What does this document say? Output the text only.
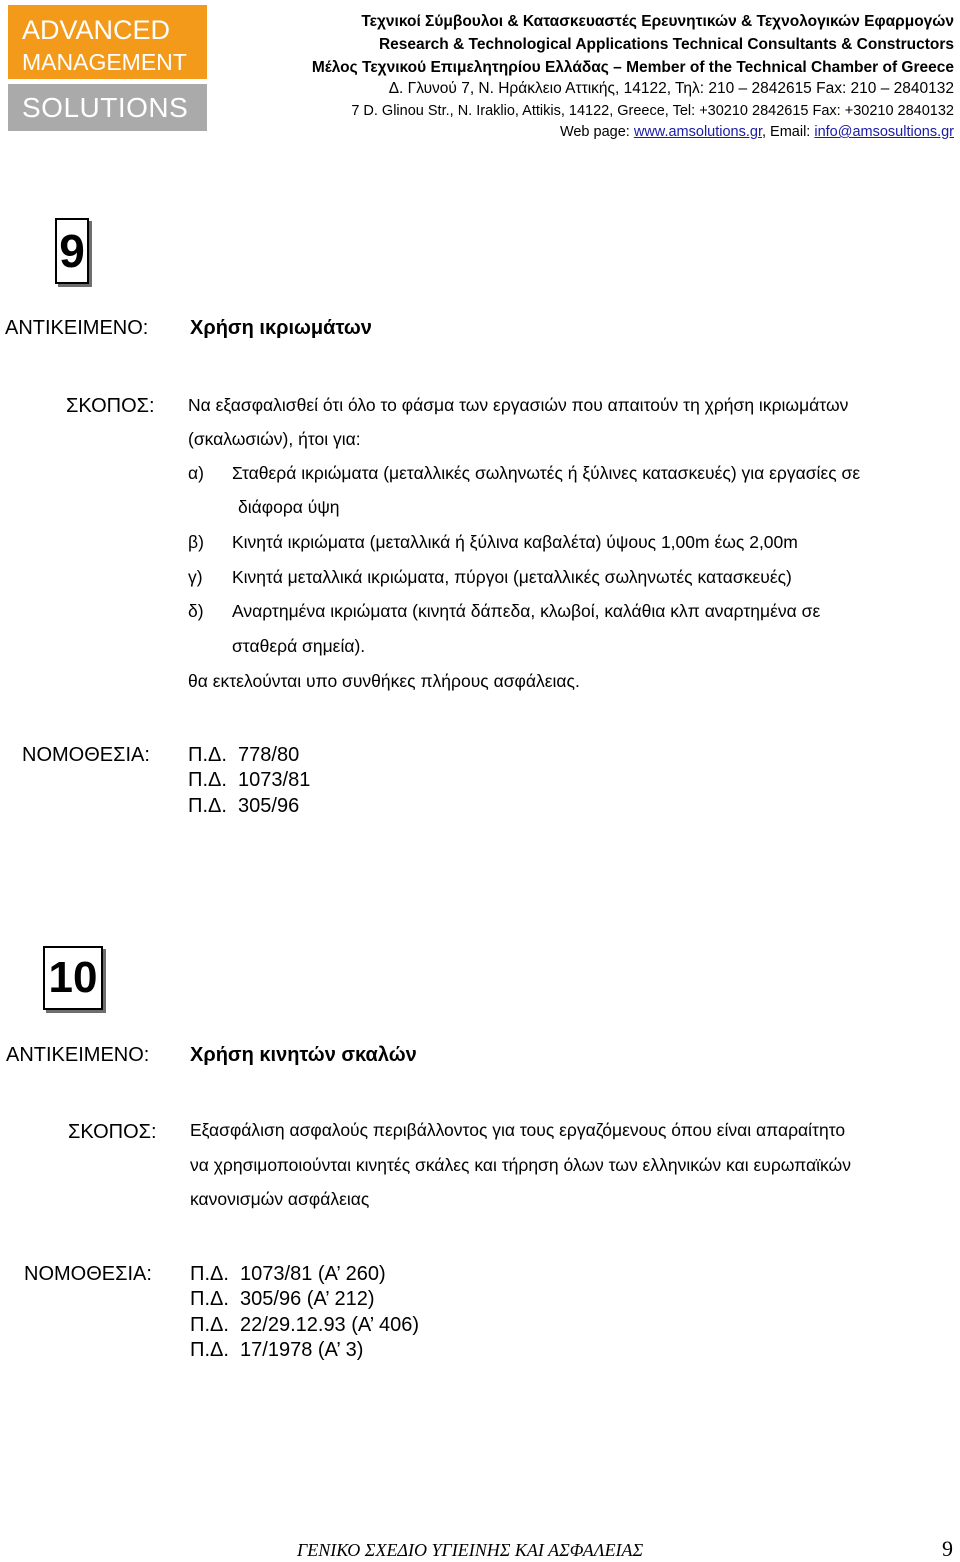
ADVANCED
MANAGEMENT
SOLUTIONS
Τεχνικοί Σύμβουλοι & Κατασκευαστές Ερευνητικών & Τεχνολογικών Εφαρμογών
Research & Technological Applications Technical Consultants & Constructors
Μέλος Τεχνικού Επιμελητηρίου Ελλάδας – Member of the Technical Chamber of Greece
Δ. Γλυνού 7, Ν. Ηράκλειο Αττικής, 14122, Τηλ: 210 – 2842615 Fax: 210 – 2840132
7 D. Glinou Str., N. Iraklio, Attikis, 14122, Greece, Tel: +30210 2842615 Fax: +30210 2840132
Web page: www.amsolutions.gr, Email: info@amsosultions.gr
9
ΑΝΤΙΚΕΙΜΕΝΟ: Χρήση ικριωμάτων
ΣΚΟΠΟΣ: Να εξασφαλισθεί ότι όλο το φάσμα των εργασιών που απαιτούν τη χρήση ικριωμάτων
(σκαλωσιών), ήτοι για:
α) Σταθερά ικριώματα (μεταλλικές σωληνωτές ή ξύλινες κατασκευές) για εργασίες σε
διάφορα ύψη
β) Κινητά ικριώματα (μεταλλικά ή ξύλινα καβαλέτα) ύψους 1,00m έως 2,00m
γ) Κινητά μεταλλικά ικριώματα, πύργοι (μεταλλικές σωληνωτές κατασκευές)
δ) Αναρτημένα ικριώματα (κινητά δάπεδα, κλωβοί, καλάθια κλπ αναρτημένα σε
σταθερά σημεία).
θα εκτελούνται υπο συνθήκες πλήρους ασφάλειας.
ΝΟΜΟΘΕΣΙΑ: Π.Δ.  778/80
Π.Δ.  1073/81
Π.Δ.  305/96
10
ΑΝΤΙΚΕΙΜΕΝΟ: Χρήση κινητών σκαλών
ΣΚΟΠΟΣ: Εξασφάλιση ασφαλούς περιβάλλοντος για τους εργαζόμενους όπου είναι απαραίτητο
να χρησιμοποιούνται κινητές σκάλες και τήρηση όλων των ελληνικών και ευρωπαϊκών
κανονισμών ασφάλειας
ΝΟΜΟΘΕΣΙΑ: Π.Δ.  1073/81 (Α’ 260)
Π.Δ.  305/96 (Α’ 212)
Π.Δ.  22/29.12.93 (Α’ 406)
Π.Δ.  17/1978 (Α’ 3)
ΓΕΝΙΚΟ ΣΧΕΔΙΟ ΥΓΙΕΙΝΗΣ ΚΑΙ ΑΣΦΑΛΕΙΑΣ	9
